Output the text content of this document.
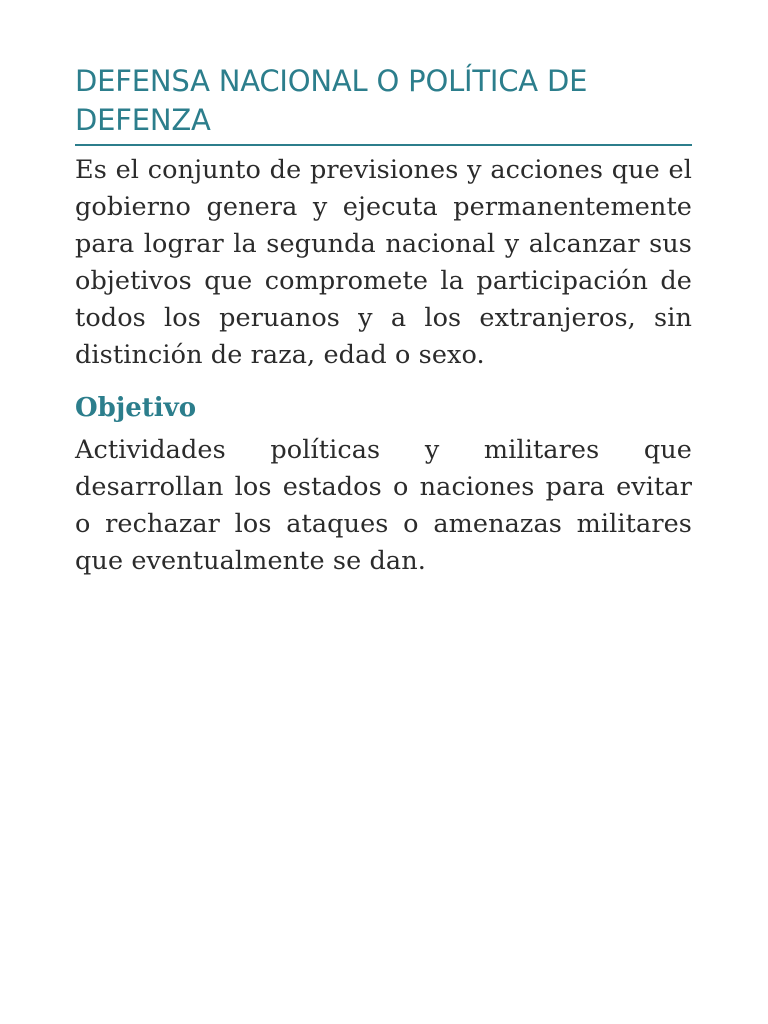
DEFENSA NACIONAL O POLÍTICA DE DEFENZA

Es el conjunto de previsiones y acciones que el gobierno genera y ejecuta permanentemente para lograr la segunda nacional y alcanzar sus objetivos que compromete la participación de todos los peruanos y a los extranjeros, sin distinción de raza, edad o sexo.

Objetivo

Actividades políticas y militares que desarrollan los estados o naciones para evitar o rechazar los ataques o amenazas militares que eventualmente se dan.
